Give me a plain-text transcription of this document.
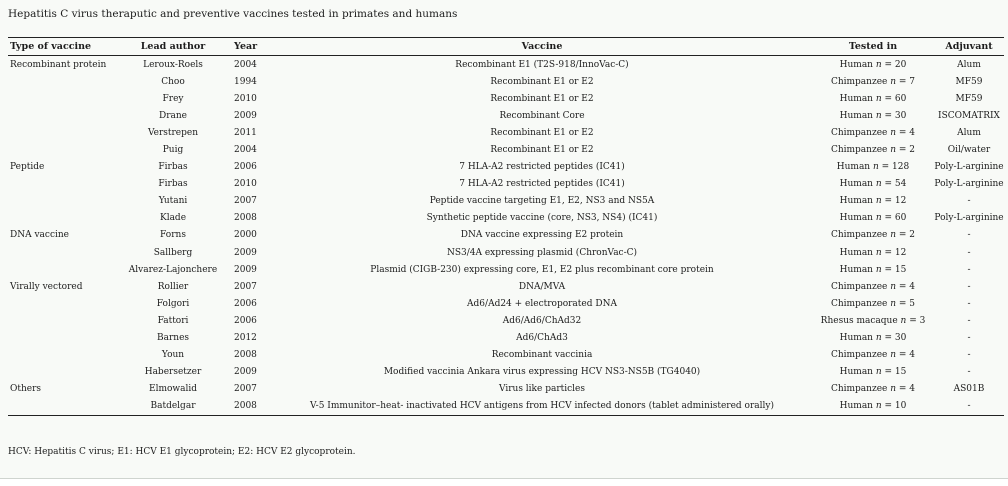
Hepatitis C virus theraputic and preventive vaccines tested in primates and humans
Type of vaccine	Lead author	Year	Vaccine	Tested in	Adjuvant
Recombinant protein	Leroux-Roels	2004	Recombinant E1 (T2S-918/InnoVac-C)	Human n = 20	Alum
	Choo	1994	Recombinant E1 or E2	Chimpanzee n = 7	MF59
	Frey	2010	Recombinant E1 or E2	Human n = 60	MF59
	Drane	2009	Recombinant Core	Human n = 30	ISCOMATRIX
	Verstrepen	2011	Recombinant E1 or E2	Chimpanzee n = 4	Alum
	Puig	2004	Recombinant E1 or E2	Chimpanzee n = 2	Oil/water
Peptide	Firbas	2006	7 HLA-A2 restricted peptides (IC41)	Human n = 128	Poly-L-arginine
	Firbas	2010	7 HLA-A2 restricted peptides (IC41)	Human n = 54	Poly-L-arginine
	Yutani	2007	Peptide vaccine targeting E1, E2, NS3 and NS5A	Human n = 12	-
	Klade	2008	Synthetic peptide vaccine (core, NS3, NS4) (IC41)	Human n = 60	Poly-L-arginine
DNA vaccine	Forns	2000	DNA vaccine expressing E2 protein	Chimpanzee n = 2	-
	Sallberg	2009	NS3/4A expressing plasmid (ChronVac-C)	Human n = 12	-
	Alvarez-Lajonchere	2009	Plasmid (CIGB-230) expressing core, E1, E2 plus recombinant core protein	Human n = 15	-
Virally vectored	Rollier	2007	DNA/MVA	Chimpanzee n = 4	-
	Folgori	2006	Ad6/Ad24 + electroporated DNA	Chimpanzee n = 5	-
	Fattori	2006	Ad6/Ad6/ChAd32	Rhesus macaque n = 3	-
	Barnes	2012	Ad6/ChAd3	Human n = 30	-
	Youn	2008	Recombinant vaccinia	Chimpanzee n = 4	-
	Habersetzer	2009	Modified vaccinia Ankara virus expressing HCV NS3-NS5B (TG4040)	Human n = 15	-
Others	Elmowalid	2007	Virus like particles	Chimpanzee n = 4	AS01B
	Batdelgar	2008	V-5 Immunitor–heat- inactivated HCV antigens from HCV infected donors (tablet administered orally)	Human n = 10	-
HCV: Hepatitis C virus; E1: HCV E1 glycoprotein; E2: HCV E2 glycoprotein.
